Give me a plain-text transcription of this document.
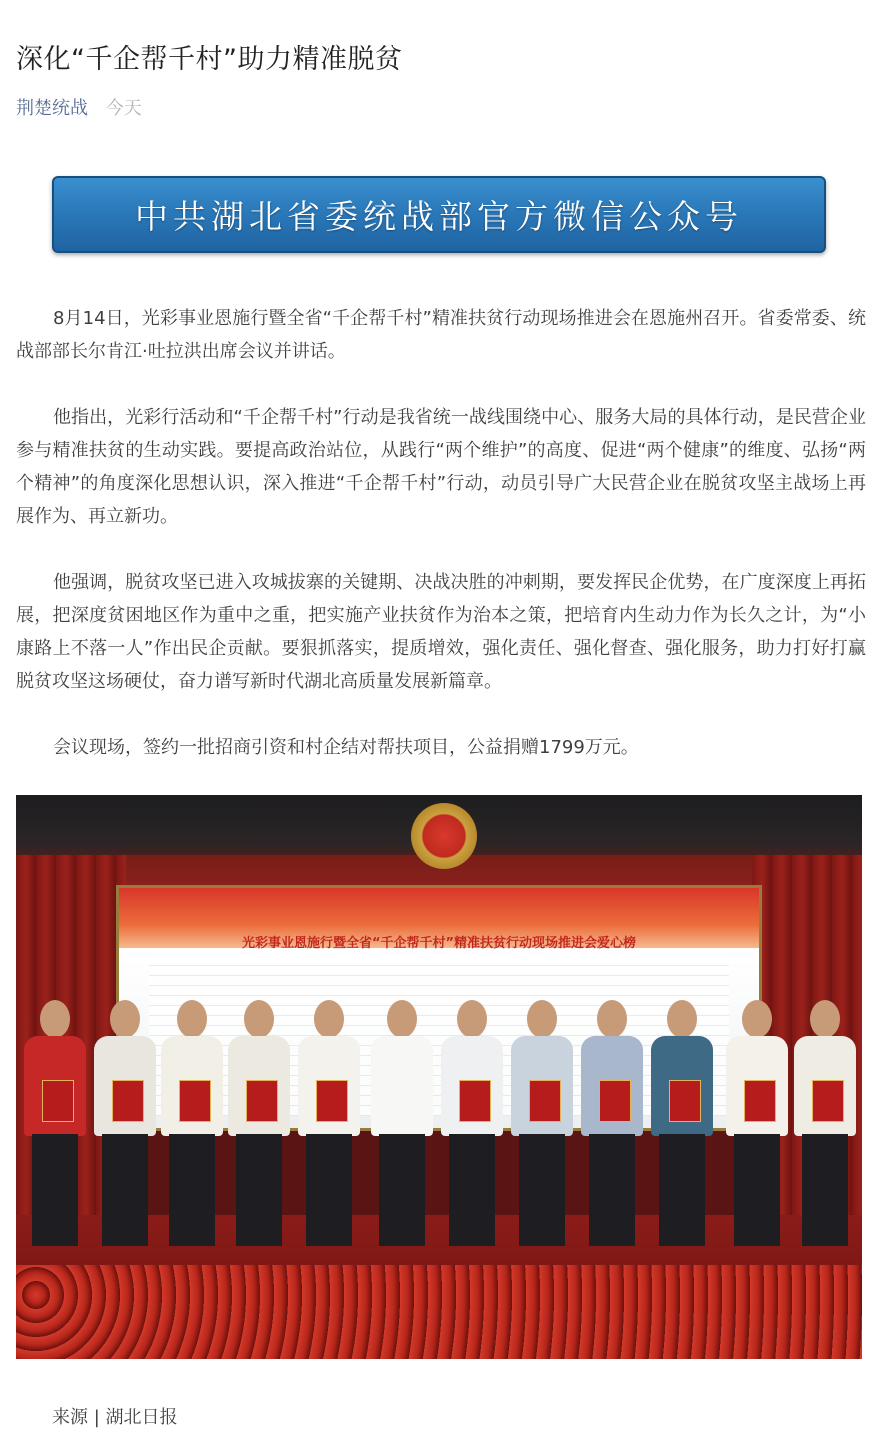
深化“千企帮千村”助力精准脱贫
荆楚统战 今天
中共湖北省委统战部官方微信公众号

8月14日，光彩事业恩施行暨全省“千企帮千村”精准扶贫行动现场推进会在恩施州召开。省委常委、统战部部长尔肯江·吐拉洪出席会议并讲话。

他指出，光彩行活动和“千企帮千村”行动是我省统一战线围绕中心、服务大局的具体行动，是民营企业参与精准扶贫的生动实践。要提高政治站位，从践行“两个维护”的高度、促进“两个健康”的维度、弘扬“两个精神”的角度深化思想认识，深入推进“千企帮千村”行动，动员引导广大民营企业在脱贫攻坚主战场上再展作为、再立新功。

他强调，脱贫攻坚已进入攻城拔寨的关键期、决战决胜的冲刺期，要发挥民企优势，在广度深度上再拓展，把深度贫困地区作为重中之重，把实施产业扶贫作为治本之策，把培育内生动力作为长久之计，为“小康路上不落一人”作出民企贡献。要狠抓落实，提质增效，强化责任、强化督查、强化服务，助力打好打赢脱贫攻坚这场硬仗，奋力谱写新时代湖北高质量发展新篇章。

会议现场，签约一批招商引资和村企结对帮扶项目，公益捐赠1799万元。

光彩事业恩施行暨全省“千企帮千村”精准扶贫行动现场推进会爱心榜
来源 | 湖北日报
